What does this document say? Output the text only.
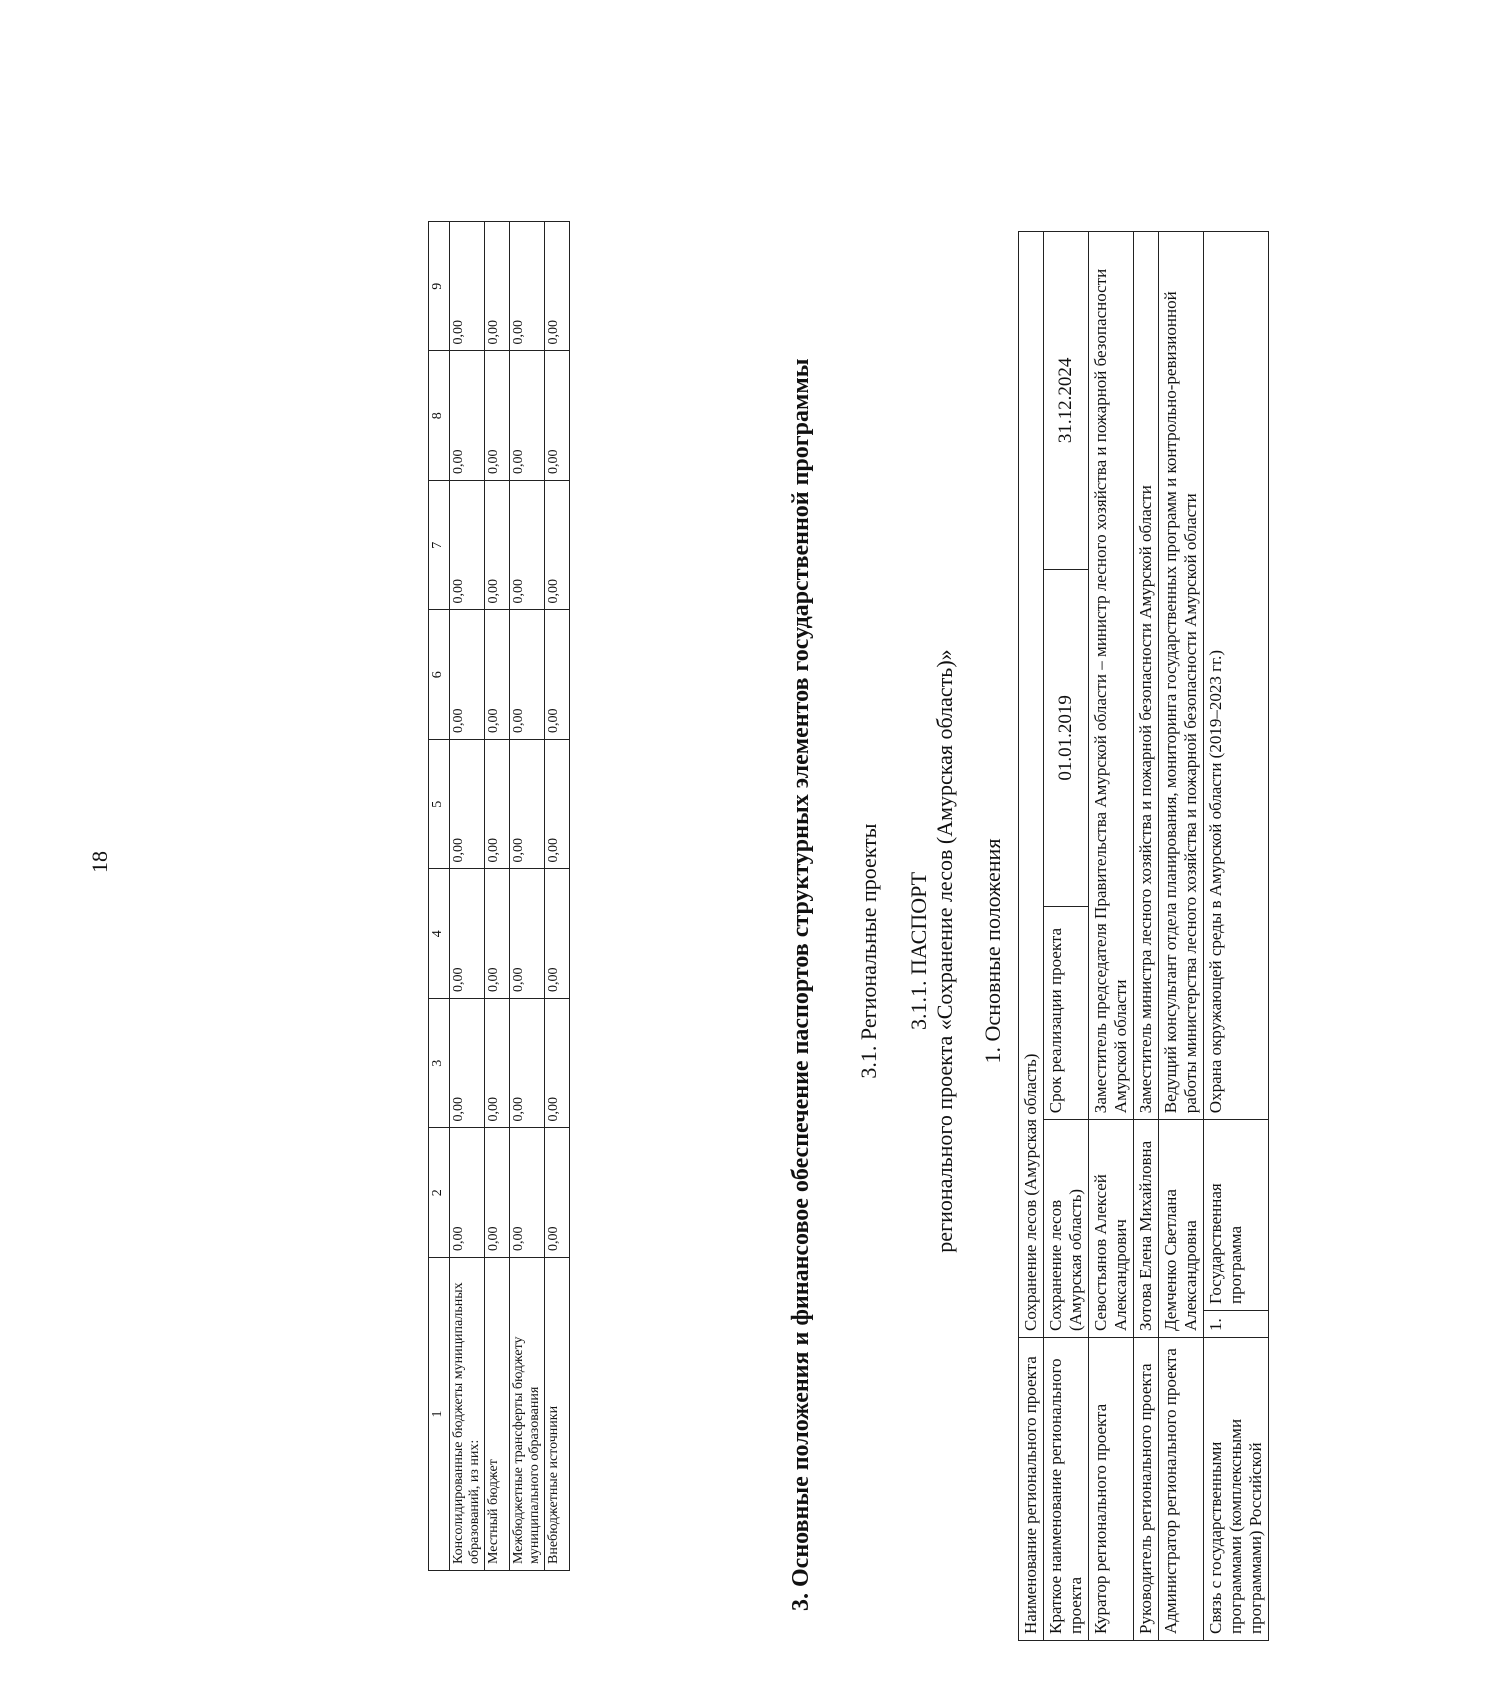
18
1	2	3	4	5	6	7	8	9
Консолидированные бюджеты муниципальных образований, из них:	0,00	0,00	0,00	0,00	0,00	0,00	0,00	0,00
Местный бюджет	0,00	0,00	0,00	0,00	0,00	0,00	0,00	0,00
Межбюджетные трансферты бюджету муниципального образования	0,00	0,00	0,00	0,00	0,00	0,00	0,00	0,00
Внебюджетные источники	0,00	0,00	0,00	0,00	0,00	0,00	0,00	0,00
3. Основные положения и финансовое обеспечение паспортов структурных элементов государственной программы 3.1. Региональные проекты 3.1.1. ПАСПОРТ регионального проекта «Сохранение лесов (Амурская область)» 1. Основные положения
Наименование регионального проекта	Сохранение лесов (Амурская область)				
Краткое наименование регионального проекта	Сохранение лесов (Амурская область)		Срок реализации проекта	01.01.2019	31.12.2024
Куратор регионального проекта	Севостьянов Алексей Александрович		Заместитель председателя Правительства Амурской области – министр лесного хозяйства и пожарной безопасности Амурской области		
Руководитель регионального проекта	Зотова Елена Михайловна		Заместитель министра лесного хозяйства и пожарной безопасности Амурской области		
Администратор регионального проекта	Демченко Светлана Александровна		Ведущий консультант отдела планирования, мониторинга государственных программ и контрольно-ревизионной работы министерства лесного хозяйства и пожарной безопасности Амурской области		
Связь с государственными программами (комплексными программами) Российской	1.	Государственная программа	Охрана окружающей среды в Амурской области (2019–2023 гг.)		
